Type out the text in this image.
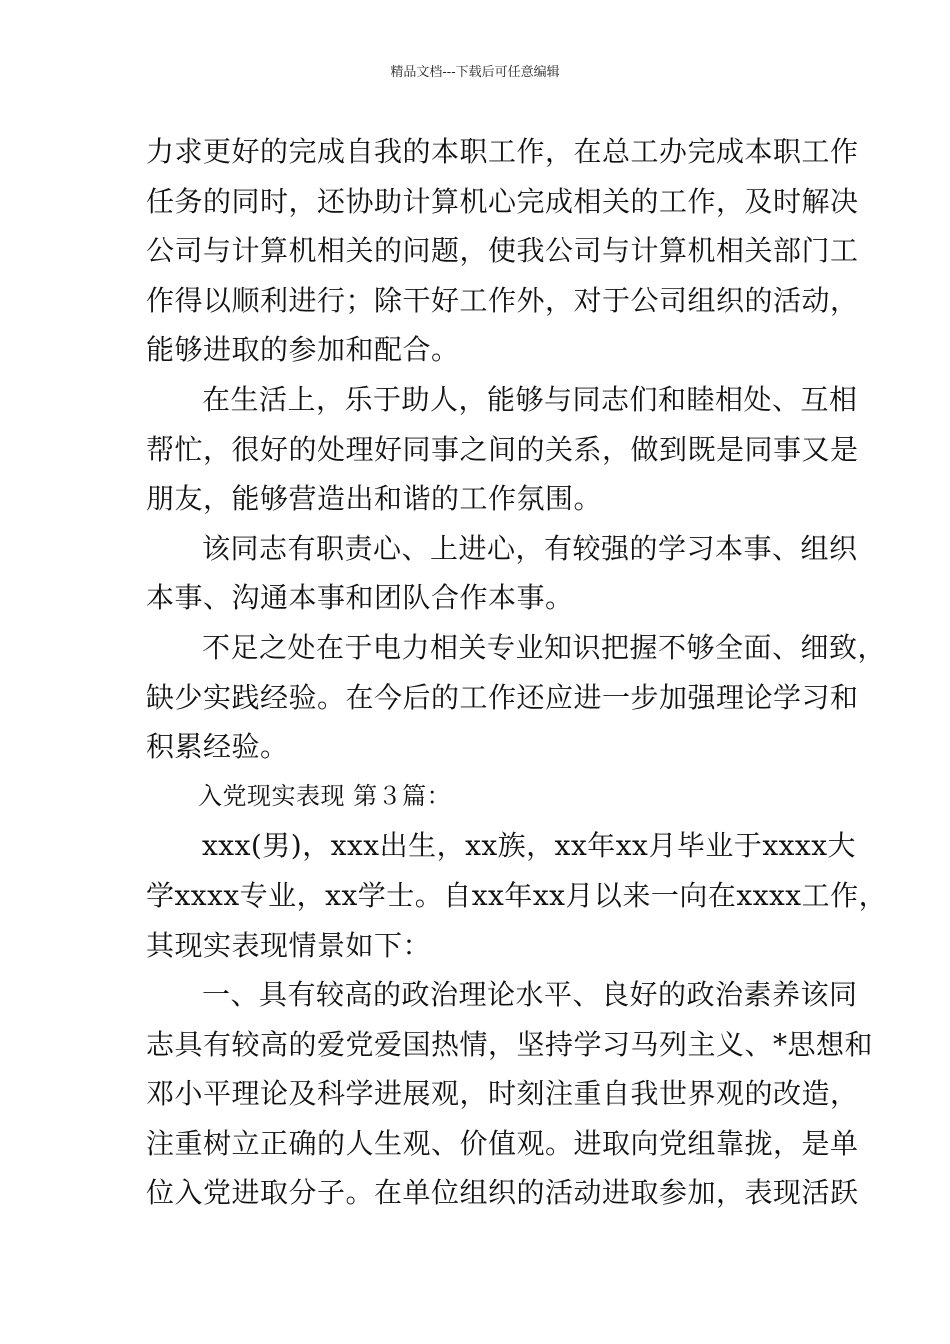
精品文档---下载后可任意编辑
力求更好的完成自我的本职工作，在总工办完成本职工作
任务的同时，还协助计算机心完成相关的工作，及时解决
公司与计算机相关的问题，使我公司与计算机相关部门工
作得以顺利进行；除干好工作外，对于公司组织的活动，
能够进取的参加和配合。
在生活上，乐于助人，能够与同志们和睦相处、互相
帮忙，很好的处理好同事之间的关系，做到既是同事又是
朋友，能够营造出和谐的工作氛围。
该同志有职责心、上进心，有较强的学习本事、组织
本事、沟通本事和团队合作本事。
不足之处在于电力相关专业知识把握不够全面、细致，
缺少实践经验。在今后的工作还应进一步加强理论学习和
积累经验。
入党现实表现 第３篇：
xxx(男)，xxx出生，xx族，xx年xx月毕业于xxxx大
学xxxx专业，xx学士。自xx年xx月以来一向在xxxx工作，
其现实表现情景如下：
一、具有较高的政治理论水平、良好的政治素养该同
志具有较高的爱党爱国热情，坚持学习马列主义、*思想和
邓小平理论及科学进展观，时刻注重自我世界观的改造，
注重树立正确的人生观、价值观。进取向党组靠拢，是单
位入党进取分子。在单位组织的活动进取参加，表现活跃
